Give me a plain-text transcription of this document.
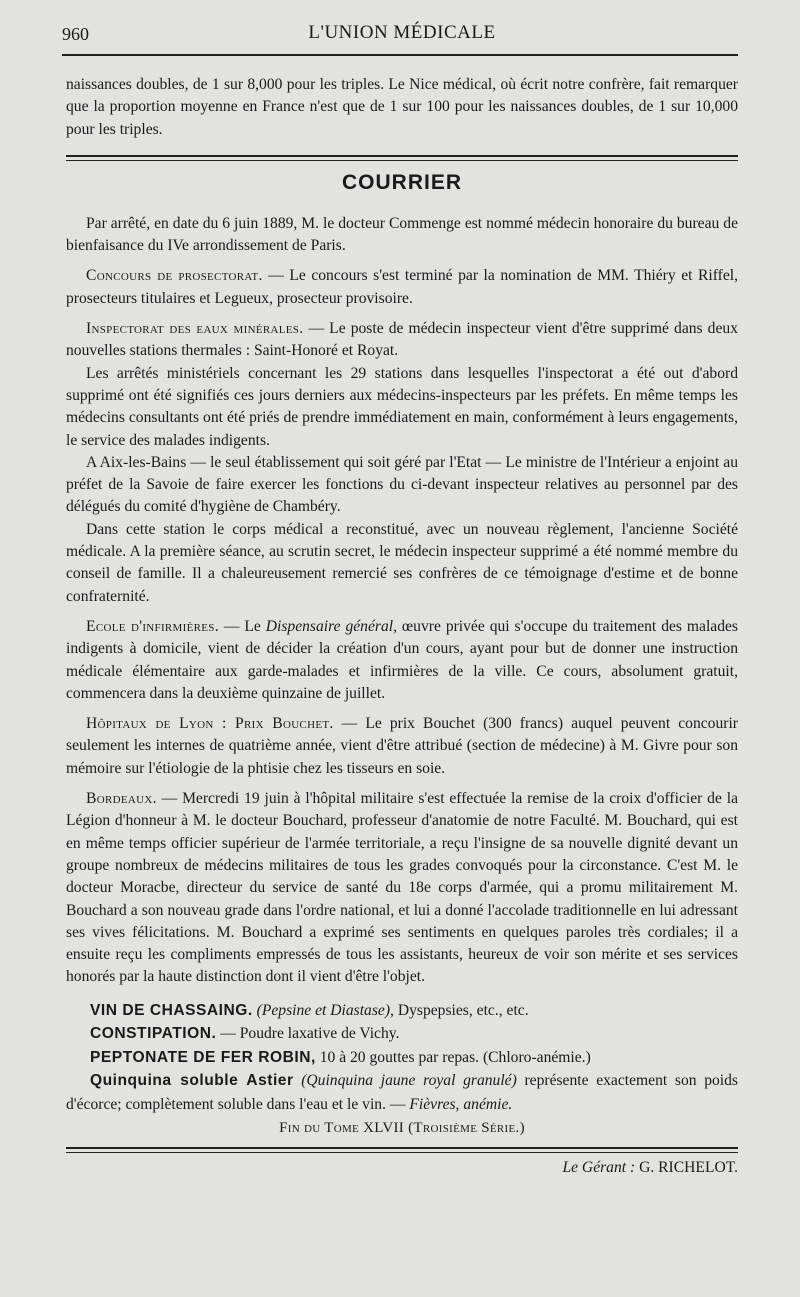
960	L'UNION MÉDICALE

naissances doubles, de 1 sur 8,000 pour les triples. Le Nice médical, où écrit notre confrère, fait remarquer que la proportion moyenne en France n'est que de 1 sur 100 pour les naissances doubles, de 1 sur 10,000 pour les triples.

COURRIER

Par arrêté, en date du 6 juin 1889, M. le docteur Commenge est nommé médecin honoraire du bureau de bienfaisance du IVe arrondissement de Paris.

Concours de prosectorat. — Le concours s'est terminé par la nomination de MM. Thiéry et Riffel, prosecteurs titulaires et Legueux, prosecteur provisoire.

Inspectorat des eaux minérales. — Le poste de médecin inspecteur vient d'être supprimé dans deux nouvelles stations thermales : Saint-Honoré et Royat.

Les arrêtés ministériels concernant les 29 stations dans lesquelles l'inspectorat a été out d'abord supprimé ont été signifiés ces jours derniers aux médecins-inspecteurs par les préfets. En même temps les médecins consultants ont été priés de prendre immédiatement en main, conformément à leurs engagements, le service des malades indigents.

A Aix-les-Bains — le seul établissement qui soit géré par l'Etat — Le ministre de l'Intérieur a enjoint au préfet de la Savoie de faire exercer les fonctions du ci-devant inspecteur relatives au personnel par des délégués du comité d'hygiène de Chambéry.

Dans cette station le corps médical a reconstitué, avec un nouveau règlement, l'ancienne Société médicale. A la première séance, au scrutin secret, le médecin inspecteur supprimé a été nommé membre du conseil de famille. Il a chaleureusement remercié ses confrères de ce témoignage d'estime et de bonne confraternité.

Ecole d'infirmières. — Le Dispensaire général, œuvre privée qui s'occupe du traitement des malades indigents à domicile, vient de décider la création d'un cours, ayant pour but de donner une instruction médicale élémentaire aux garde-malades et infirmières de la ville. Ce cours, absolument gratuit, commencera dans la deuxième quinzaine de juillet.

Hôpitaux de Lyon : Prix Bouchet. — Le prix Bouchet (300 francs) auquel peuvent concourir seulement les internes de quatrième année, vient d'être attribué (section de médecine) à M. Givre pour son mémoire sur l'étiologie de la phtisie chez les tisseurs en soie.

Bordeaux. — Mercredi 19 juin à l'hôpital militaire s'est effectuée la remise de la croix d'officier de la Légion d'honneur à M. le docteur Bouchard, professeur d'anatomie de notre Faculté. M. Bouchard, qui est en même temps officier supérieur de l'armée territoriale, a reçu l'insigne de sa nouvelle dignité devant un groupe nombreux de médecins militaires de tous les grades convoqués pour la circonstance. C'est M. le docteur Moracbe, directeur du service de santé du 18e corps d'armée, qui a promu militairement M. Bouchard a son nouveau grade dans l'ordre national, et lui a donné l'accolade traditionnelle en lui adressant ses vives félicitations. M. Bouchard a exprimé ses sentiments en quelques paroles très cordiales; il a ensuite reçu les compliments empressés de tous les assistants, heureux de voir son mérite et ses services honorés par la haute distinction dont il vient d'être l'objet.

VIN DE CHASSAING. (Pepsine et Diastase), Dyspepsies, etc., etc.

CONSTIPATION. — Poudre laxative de Vichy.

PEPTONATE DE FER ROBIN, 10 à 20 gouttes par repas. (Chloro-anémie.)

Quinquina soluble Astier (Quinquina jaune royal granulé) représente exactement son poids d'écorce; complètement soluble dans l'eau et le vin. — Fièvres, anémie.

Fin du Tome XLVII (Troisième Série.)
Le Gérant : G. RICHELOT.
